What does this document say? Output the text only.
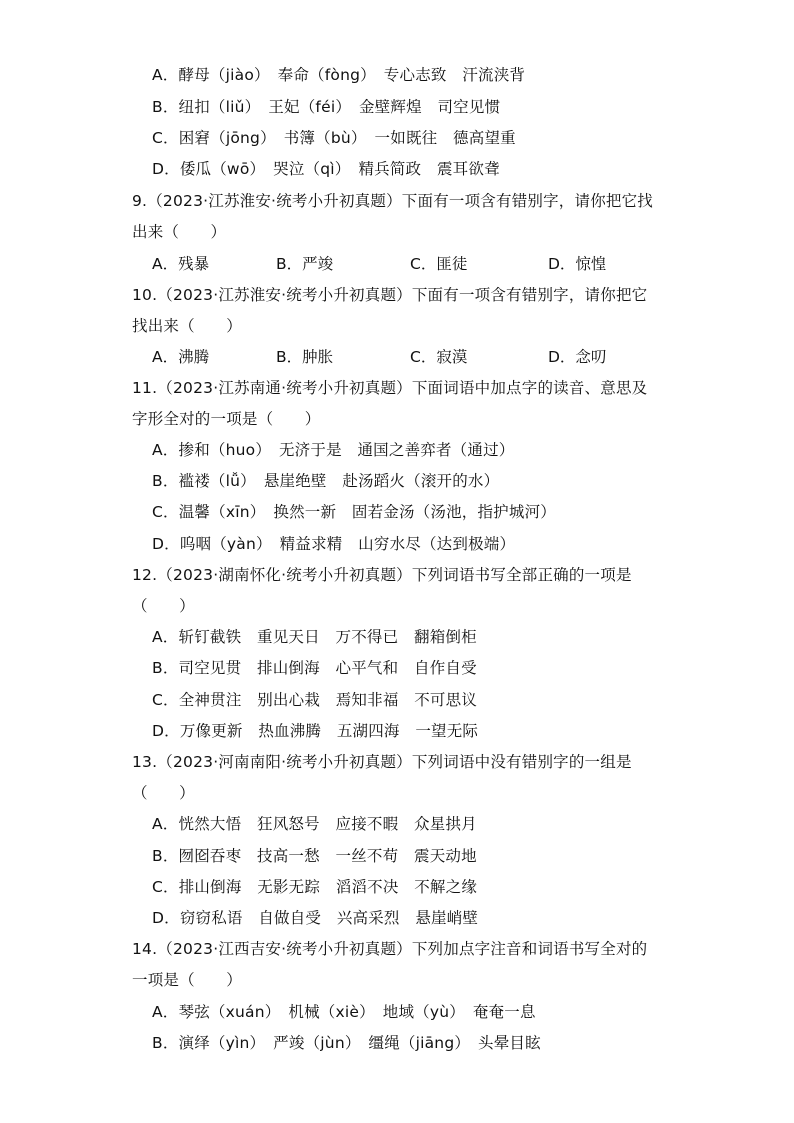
A．酵母（jiào）　奉命（fòng）　专心志致　汗流浃背
B．纽扣（liǔ）　王妃（féi）　金壁辉煌　司空见惯
C．困窘（jōng）　书簿（bù）　一如既往　德高望重
D．倭瓜（wō）　哭泣（qì）　精兵简政　震耳欲聋
9.（2023·江苏淮安·统考小升初真题）下面有一项含有错别字，请你把它找
出来（　　）
A．残暴	B．严竣	C．匪徒	D．惊惶
10.（2023·江苏淮安·统考小升初真题）下面有一项含有错别字，请你把它
找出来（　　）
A．沸腾	B．肿胀	C．寂漠	D．念叨
11.（2023·江苏南通·统考小升初真题）下面词语中加点字的读音、意思及
字形全对的一项是（　　）
A．掺和（huo）　无济于是　通国之善弈者（通过）
B．褴褛（lǚ）　悬崖绝壁　赴汤蹈火（滚开的水）
C．温馨（xīn）　换然一新　固若金汤（汤池，指护城河）
D．呜咽（yàn）　精益求精　山穷水尽（达到极端）
12.（2023·湖南怀化·统考小升初真题）下列词语书写全部正确的一项是
（　　）
A．斩钉截铁　重见天日　万不得已　翻箱倒柜
B．司空见贯　排山倒海　心平气和　自作自受
C．全神贯注　别出心栽　焉知非福　不可思议
D．万像更新　热血沸腾　五湖四海　一望无际
13.（2023·河南南阳·统考小升初真题）下列词语中没有错别字的一组是
（　　）
A．恍然大悟　狂风怒号　应接不暇　众星拱月
B．囫囵吞枣　技高一愁　一丝不苟　震天动地
C．排山倒海　无影无踪　滔滔不决　不解之缘
D．窃窃私语　自做自受　兴高采烈　悬崖峭壁
14.（2023·江西吉安·统考小升初真题）下列加点字注音和词语书写全对的
一项是（　　）
A．琴弦（xuán）　机械（xiè）　地域（yù）　奄奄一息
B．演绎（yìn）　严竣（jùn）　缰绳（jiāng）　头晕目眩
